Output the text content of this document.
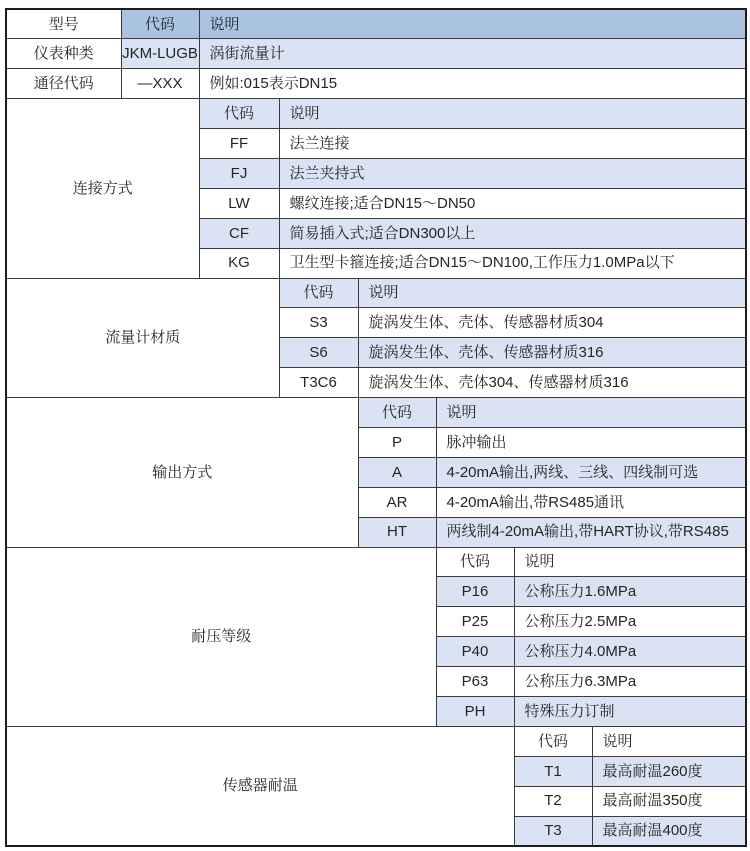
型号	代码	说明					
仪表种类	JKM-LUGB	涡街流量计					
通径代码	—XXX	例如:015表示DN15					
连接方式		代码	说明				
		FF	法兰连接				
		FJ	法兰夹持式				
		LW	螺纹连接;适合DN15～DN50				
		CF	简易插入式;适合DN300以上				
		KG	卫生型卡箍连接;适合DN15～DN100,工作压力1.0MPa以下				
流量计材质			代码	说明			
			S3	旋涡发生体、壳体、传感器材质304			
			S6	旋涡发生体、壳体、传感器材质316			
			T3C6	旋涡发生体、壳体304、传感器材质316			
输出方式				代码	说明		
				P	脉冲输出		
				A	4-20mA输出,两线、三线、四线制可选		
				AR	4-20mA输出,带RS485通讯		
				HT	两线制4-20mA输出,带HART协议,带RS485		
耐压等级					代码	说明	
					P16	公称压力1.6MPa	
					P25	公称压力2.5MPa	
					P40	公称压力4.0MPa	
					P63	公称压力6.3MPa	
					PH	特殊压力订制	
传感器耐温						代码	说明
						T1	最高耐温260度
						T2	最高耐温350度
						T3	最高耐温400度
